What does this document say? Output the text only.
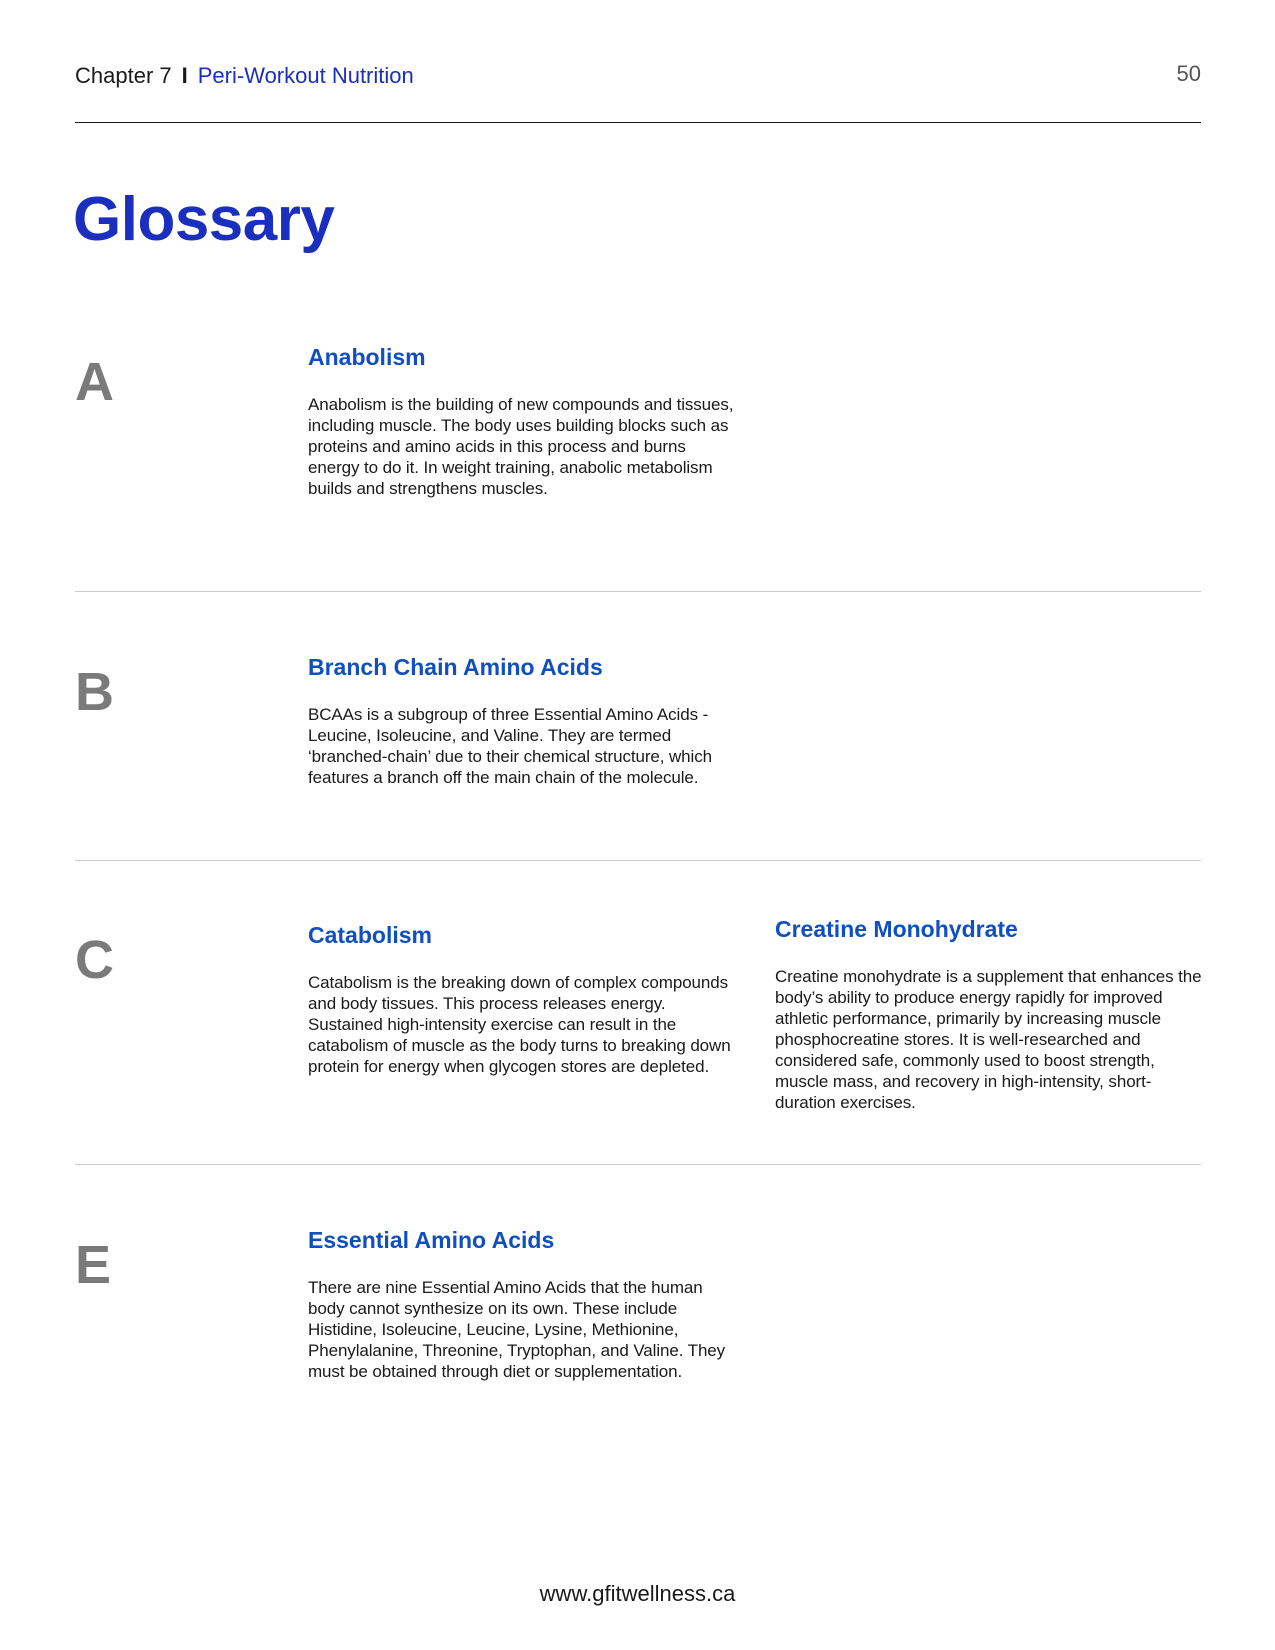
Chapter 7 I Peri-Workout Nutrition	50
Glossary
A	Anabolism

Anabolism is the building of new compounds and tissues, including muscle. The body uses building blocks such as proteins and amino acids in this process and burns energy to do it. In weight training, anabolic metabolism builds and strengthens muscles.

B	Branch Chain Amino Acids

BCAAs is a subgroup of three Essential Amino Acids - Leucine, Isoleucine, and Valine. They are termed ‘branched-chain’ due to their chemical structure, which features a branch off the main chain of the molecule.

C	Catabolism

Catabolism is the breaking down of complex compounds and body tissues. This process releases energy. Sustained high-intensity exercise can result in the catabolism of muscle as the body turns to breaking down protein for energy when glycogen stores are depleted.

Creatine Monohydrate

Creatine monohydrate is a supplement that enhances the body’s ability to produce energy rapidly for improved athletic performance, primarily by increasing muscle phosphocreatine stores. It is well-researched and considered safe, commonly used to boost strength, muscle mass, and recovery in high-intensity, short-duration exercises.

E	Essential Amino Acids

There are nine Essential Amino Acids that the human body cannot synthesize on its own. These include Histidine, Isoleucine, Leucine, Lysine, Methionine, Phenylalanine, Threonine, Tryptophan, and Valine. They must be obtained through diet or supplementation.

www.gfitwellness.ca
